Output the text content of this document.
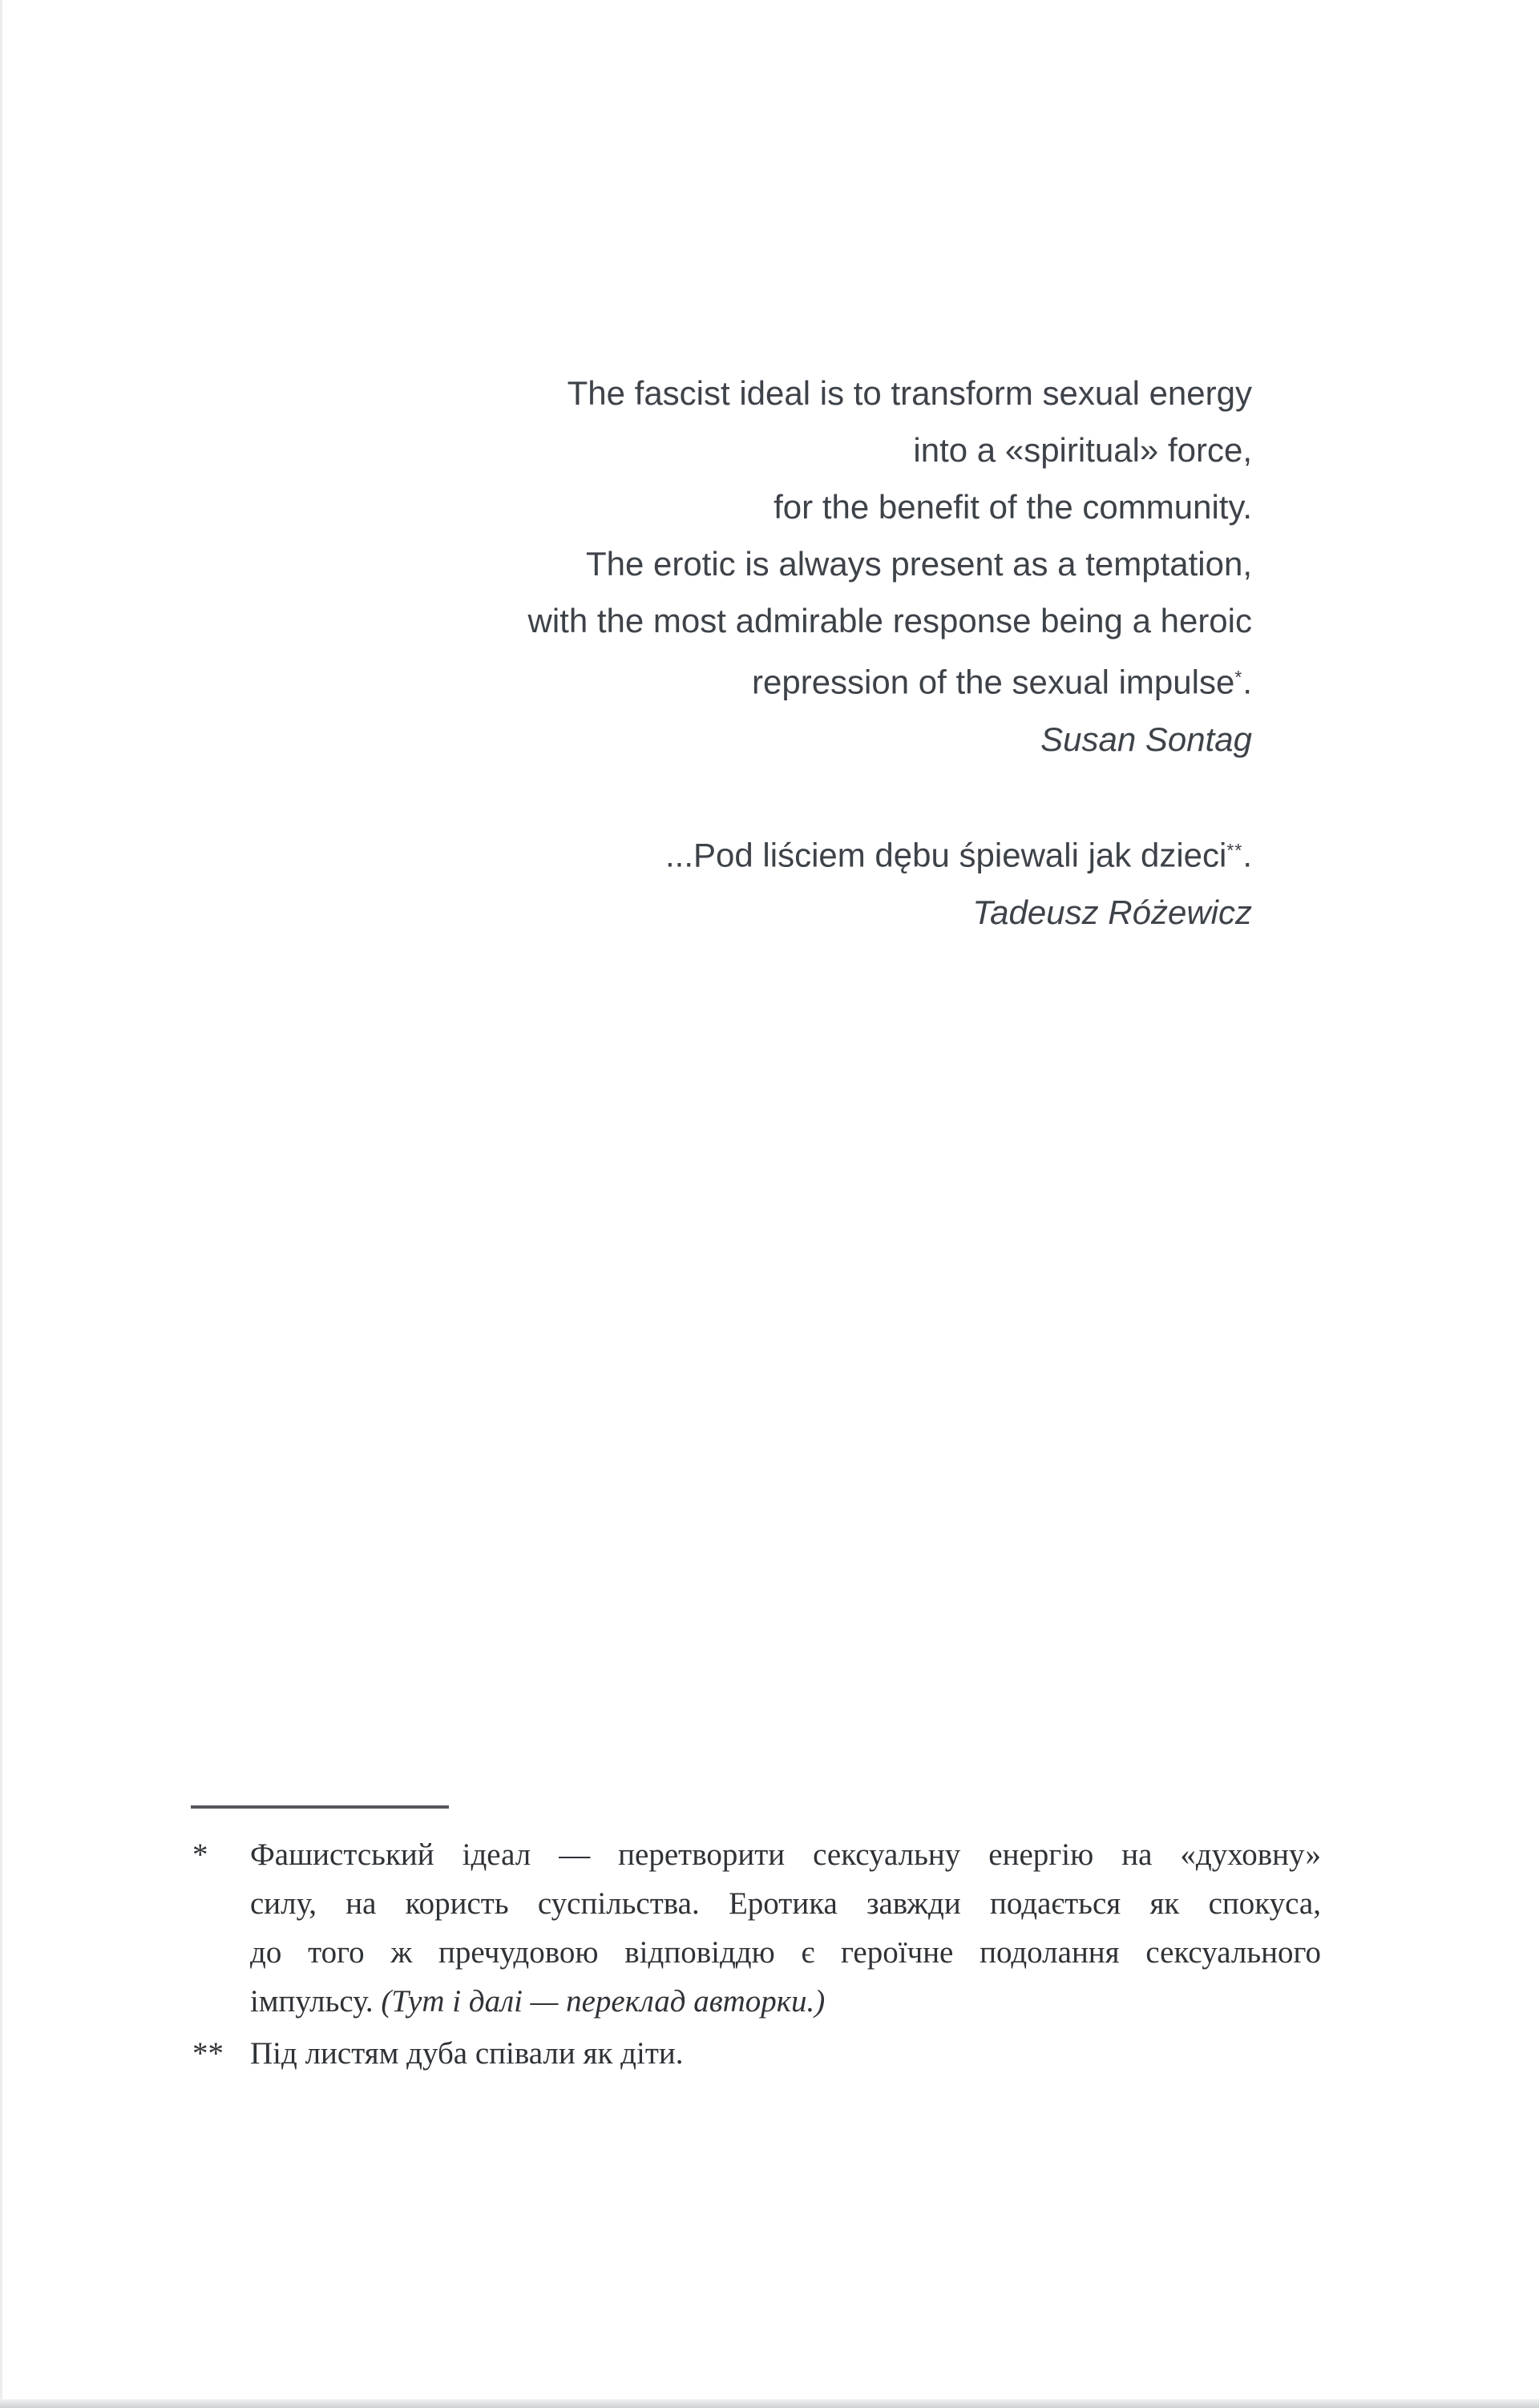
The fascist ideal is to transform sexual energy
into a «spiritual» force,
for the benefit of the community.
The erotic is always present as a temptation,
with the most admirable response being a heroic
repression of the sexual impulse*.
Susan Sontag
...Pod liściem dębu śpiewali jak dzieci**.
Tadeusz Różewicz
*	Фашистський ідеал — перетворити сексуальну енергію на «духовну»
силу, на користь суспільства. Еротика завжди подається як спокуса,
до того ж пречудовою відповіддю є героїчне подолання сексуального
імпульсу. (Тут і далі — переклад авторки.)
** Під листям дуба співали як діти.
